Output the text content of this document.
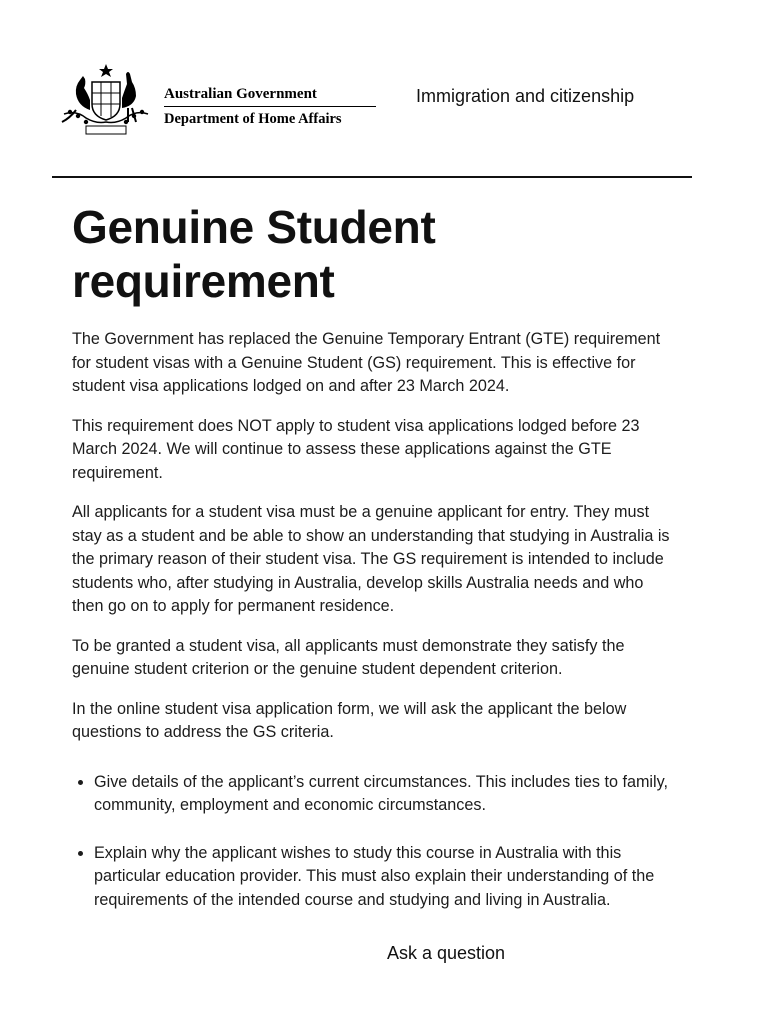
Australian Government
Department of Home Affairs
Immigration and citizenship
Genuine Student requirement

The Government has replaced the Genuine Temporary Entrant (GTE) requirement for student visas with a Genuine Student (GS) requirement. This is effective for student visa applications lodged on and after 23 March 2024.

This requirement does NOT apply to student visa applications lodged before 23 March 2024. We will continue to assess these applications against the GTE requirement.

All applicants for a student visa must be a genuine applicant for entry. They must stay as a student and be able to show an understanding that studying in Australia is the primary reason of their student visa. The GS requirement is intended to include students who, after studying in Australia, develop skills Australia needs and who then go on to apply for permanent residence.

To be granted a student visa, all applicants must demonstrate they satisfy the genuine student criterion or the genuine student dependent criterion.

In the online student visa application form, we will ask the applicant the below questions to address the GS criteria.

• Give details of the applicant’s current circumstances. This includes ties to family, community, employment and economic circumstances.
• Explain why the applicant wishes to study this course in Australia with this particular education provider. This must also explain their understanding of the requirements of the intended course and studying and living in Australia.
Ask a question
